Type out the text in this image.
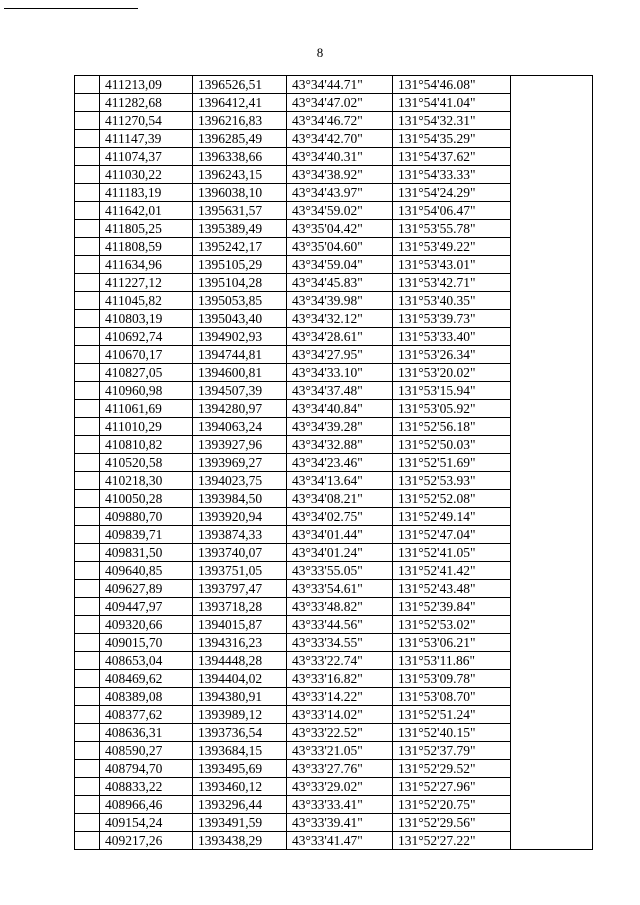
8
	411213,09	1396526,51	43°34'44.71"	131°54'46.08"	
	411282,68	1396412,41	43°34'47.02"	131°54'41.04"	
	411270,54	1396216,83	43°34'46.72"	131°54'32.31"	
	411147,39	1396285,49	43°34'42.70"	131°54'35.29"	
	411074,37	1396338,66	43°34'40.31"	131°54'37.62"	
	411030,22	1396243,15	43°34'38.92"	131°54'33.33"	
	411183,19	1396038,10	43°34'43.97"	131°54'24.29"	
	411642,01	1395631,57	43°34'59.02"	131°54'06.47"	
	411805,25	1395389,49	43°35'04.42"	131°53'55.78"	
	411808,59	1395242,17	43°35'04.60"	131°53'49.22"	
	411634,96	1395105,29	43°34'59.04"	131°53'43.01"	
	411227,12	1395104,28	43°34'45.83"	131°53'42.71"	
	411045,82	1395053,85	43°34'39.98"	131°53'40.35"	
	410803,19	1395043,40	43°34'32.12"	131°53'39.73"	
	410692,74	1394902,93	43°34'28.61"	131°53'33.40"	
	410670,17	1394744,81	43°34'27.95"	131°53'26.34"	
	410827,05	1394600,81	43°34'33.10"	131°53'20.02"	
	410960,98	1394507,39	43°34'37.48"	131°53'15.94"	
	411061,69	1394280,97	43°34'40.84"	131°53'05.92"	
	411010,29	1394063,24	43°34'39.28"	131°52'56.18"	
	410810,82	1393927,96	43°34'32.88"	131°52'50.03"	
	410520,58	1393969,27	43°34'23.46"	131°52'51.69"	
	410218,30	1394023,75	43°34'13.64"	131°52'53.93"	
	410050,28	1393984,50	43°34'08.21"	131°52'52.08"	
	409880,70	1393920,94	43°34'02.75"	131°52'49.14"	
	409839,71	1393874,33	43°34'01.44"	131°52'47.04"	
	409831,50	1393740,07	43°34'01.24"	131°52'41.05"	
	409640,85	1393751,05	43°33'55.05"	131°52'41.42"	
	409627,89	1393797,47	43°33'54.61"	131°52'43.48"	
	409447,97	1393718,28	43°33'48.82"	131°52'39.84"	
	409320,66	1394015,87	43°33'44.56"	131°52'53.02"	
	409015,70	1394316,23	43°33'34.55"	131°53'06.21"	
	408653,04	1394448,28	43°33'22.74"	131°53'11.86"	
	408469,62	1394404,02	43°33'16.82"	131°53'09.78"	
	408389,08	1394380,91	43°33'14.22"	131°53'08.70"	
	408377,62	1393989,12	43°33'14.02"	131°52'51.24"	
	408636,31	1393736,54	43°33'22.52"	131°52'40.15"	
	408590,27	1393684,15	43°33'21.05"	131°52'37.79"	
	408794,70	1393495,69	43°33'27.76"	131°52'29.52"	
	408833,22	1393460,12	43°33'29.02"	131°52'27.96"	
	408966,46	1393296,44	43°33'33.41"	131°52'20.75"	
	409154,24	1393491,59	43°33'39.41"	131°52'29.56"	
	409217,26	1393438,29	43°33'41.47"	131°52'27.22"	
